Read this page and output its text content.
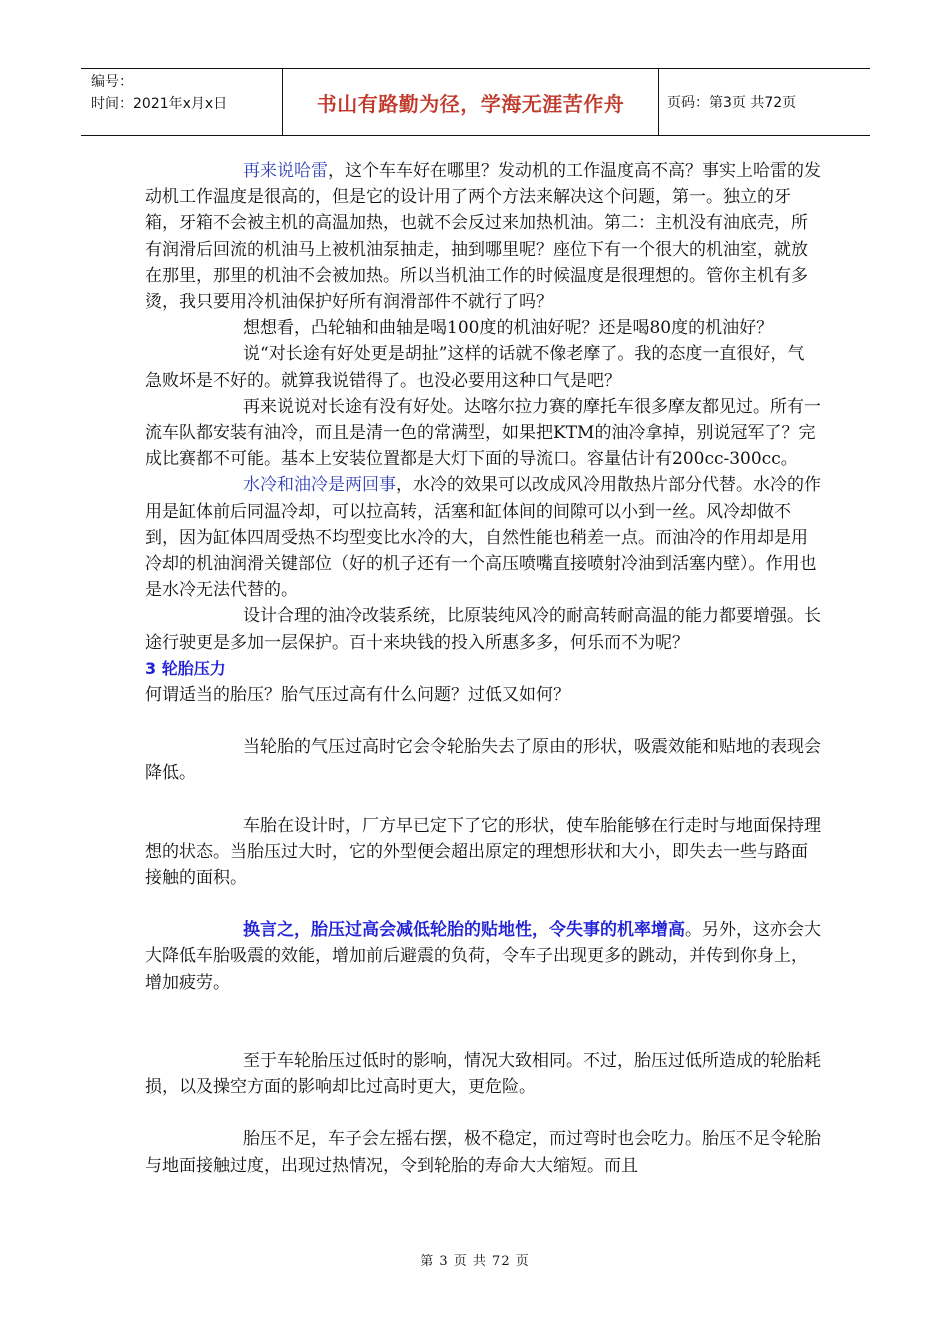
编号：
时间：2021年x月x日	书山有路勤为径，学海无涯苦作舟	页码：第3页 共72页

再来说哈雷，这个车车好在哪里？发动机的工作温度高不高？事实上哈雷的发动机工作温度是很高的，但是它的设计用了两个方法来解决这个问题，第一。独立的牙箱，牙箱不会被主机的高温加热，也就不会反过来加热机油。第二：主机没有油底壳，所有润滑后回流的机油马上被机油泵抽走，抽到哪里呢？座位下有一个很大的机油室，就放在那里，那里的机油不会被加热。所以当机油工作的时候温度是很理想的。管你主机有多烫，我只要用冷机油保护好所有润滑部件不就行了吗？

想想看，凸轮轴和曲轴是喝100度的机油好呢？还是喝80度的机油好？

说“对长途有好处更是胡扯”这样的话就不像老摩了。我的态度一直很好，气急败坏是不好的。就算我说错得了。也没必要用这种口气是吧？

再来说说对长途有没有好处。达喀尔拉力赛的摩托车很多摩友都见过。所有一流车队都安装有油冷，而且是清一色的常满型，如果把KTM的油冷拿掉，别说冠军了？完成比赛都不可能。基本上安装位置都是大灯下面的导流口。容量估计有200cc-300cc。

水冷和油冷是两回事，水冷的效果可以改成风冷用散热片部分代替。水冷的作用是缸体前后同温冷却，可以拉高转，活塞和缸体间的间隙可以小到一丝。风冷却做不到，因为缸体四周受热不均型变比水冷的大，自然性能也稍差一点。而油冷的作用却是用冷却的机油润滑关键部位（好的机子还有一个高压喷嘴直接喷射冷油到活塞内壁）。作用也是水冷无法代替的。

设计合理的油冷改装系统，比原装纯风冷的耐高转耐高温的能力都要增强。长途行驶更是多加一层保护。百十来块钱的投入所惠多多，何乐而不为呢？

3 轮胎压力

何谓适当的胎压？胎气压过高有什么问题？过低又如何？

当轮胎的气压过高时它会令轮胎失去了原由的形状，吸震效能和贴地的表现会降低。

车胎在设计时，厂方早已定下了它的形状，使车胎能够在行走时与地面保持理想的状态。当胎压过大时，它的外型便会超出原定的理想形状和大小，即失去一些与路面接触的面积。

换言之，胎压过高会减低轮胎的贴地性，令失事的机率增高。另外，这亦会大大降低车胎吸震的效能，增加前后避震的负荷，令车子出现更多的跳动，并传到你身上，增加疲劳。

至于车轮胎压过低时的影响，情况大致相同。不过，胎压过低所造成的轮胎耗损，以及操空方面的影响却比过高时更大，更危险。

胎压不足，车子会左摇右摆，极不稳定，而过弯时也会吃力。胎压不足令轮胎与地面接触过度，出现过热情况，令到轮胎的寿命大大缩短。而且

第 3 页 共 72 页
